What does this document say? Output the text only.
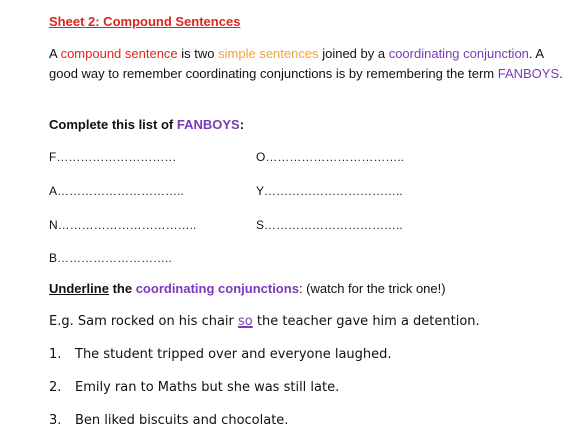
Sheet 2: Compound Sentences
A compound sentence is two simple sentences joined by a coordinating conjunction. A good way to remember coordinating conjunctions is by remembering the term FANBOYS.
Complete this list of FANBOYS:
F…………………………	O……………………………..
A…………………………..	Y……………………………..
N……………………………..	S……………………………..
B………………………..
Underline the coordinating conjunctions: (watch for the trick one!)
E.g. Sam rocked on his chair so the teacher gave him a detention.
1. The student tripped over and everyone laughed.
2. Emily ran to Maths but she was still late.
3. Ben liked biscuits and chocolate.
